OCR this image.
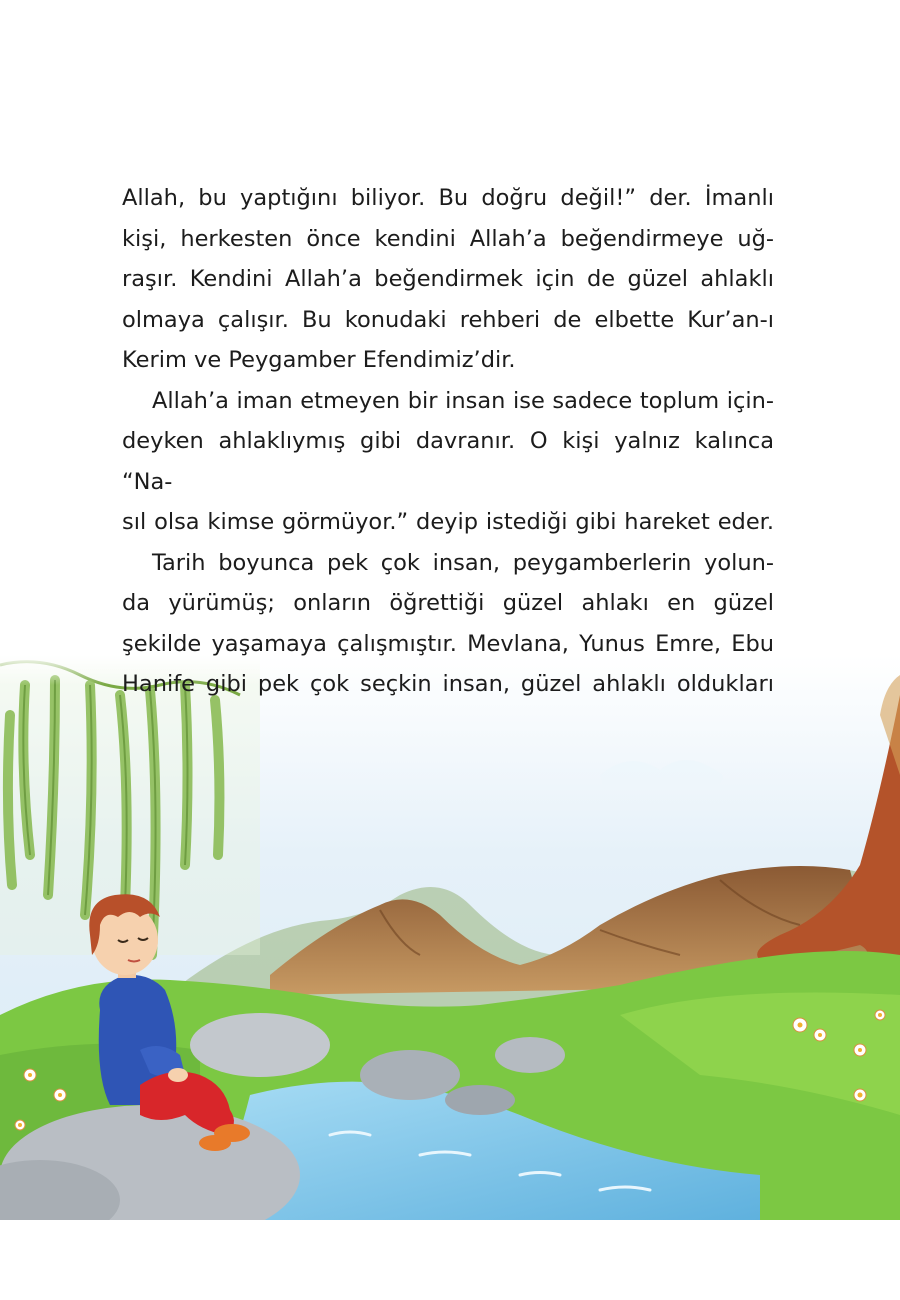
Allah, bu yaptığını biliyor. Bu doğru değil!” der. İmanlı
kişi, herkesten önce kendini Allah’a beğendirmeye uğ-
raşır. Kendini Allah’a beğendirmek için de güzel ahlaklı
olmaya çalışır. Bu konudaki rehberi de elbette Kur’an-ı
Kerim ve Peygamber Efendimiz’dir.

Allah’a iman etmeyen bir insan ise sadece toplum için-
deyken ahlaklıymış gibi davranır. O kişi yalnız kalınca “Na-
sıl olsa kimse görmüyor.” deyip istediği gibi hareket eder.

Tarih boyunca pek çok insan, peygamberlerin yolun-
da yürümüş; onların öğrettiği güzel ahlakı en güzel
şekilde yaşamaya çalışmıştır. Mevlana, Yunus Emre, Ebu
Hanife gibi pek çok seçkin insan, güzel ahlaklı oldukları
